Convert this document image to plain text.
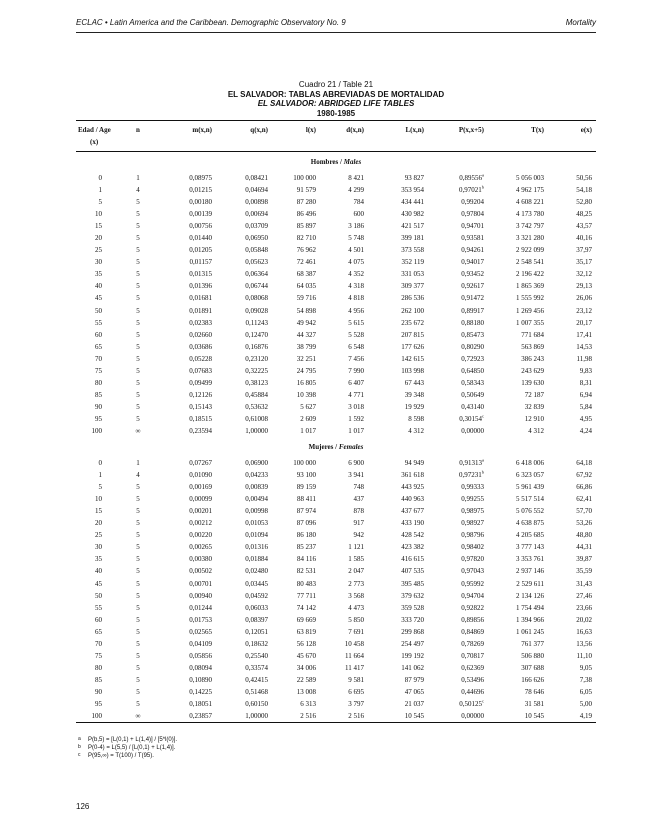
ECLAC • Latin America and the Caribbean. Demographic Observatory No. 9	Mortality
Cuadro 21 / Table 21
EL SALVADOR: TABLAS ABREVIADAS DE MORTALIDAD
EL SALVADOR: ABRIDGED LIFE TABLES
1980-1985
Edad / Age	n	m(x,n)	q(x,n)	l(x)	d(x,n)	L(x,n)	P(x,x+5)	T(x)	e(x)
(x)									
Hombres / Males									
0	1	0,08975	0,08421	100 000	8 421	93 827	0,89556$^a$	5 056 003	50,56
1	4	0,01215	0,04694	91 579	4 299	353 954	0,97021$^b$	4 962 175	54,18
5	5	0,00180	0,00898	87 280	784	434 441	0,99204	4 608 221	52,80
10	5	0,00139	0,00694	86 496	600	430 982	0,97804	4 173 780	48,25
15	5	0,00756	0,03709	85 897	3 186	421 517	0,94701	3 742 797	43,57
20	5	0,01440	0,06950	82 710	5 748	399 181	0,93581	3 321 280	40,16
25	5	0,01205	0,05848	76 962	4 501	373 558	0,94261	2 922 099	37,97
30	5	0,01157	0,05623	72 461	4 075	352 119	0,94017	2 548 541	35,17
35	5	0,01315	0,06364	68 387	4 352	331 053	0,93452	2 196 422	32,12
40	5	0,01396	0,06744	64 035	4 318	309 377	0,92617	1 865 369	29,13
45	5	0,01681	0,08068	59 716	4 818	286 536	0,91472	1 555 992	26,06
50	5	0,01891	0,09028	54 898	4 956	262 100	0,89917	1 269 456	23,12
55	5	0,02383	0,11243	49 942	5 615	235 672	0,88180	1 007 355	20,17
60	5	0,02660	0,12470	44 327	5 528	207 815	0,85473	771 684	17,41
65	5	0,03686	0,16876	38 799	6 548	177 626	0,80290	563 869	14,53
70	5	0,05228	0,23120	32 251	7 456	142 615	0,72923	386 243	11,98
75	5	0,07683	0,32225	24 795	7 990	103 998	0,64850	243 629	9,83
80	5	0,09499	0,38123	16 805	6 407	67 443	0,58343	139 630	8,31
85	5	0,12126	0,45884	10 398	4 771	39 348	0,50649	72 187	6,94
90	5	0,15143	0,53632	5 627	3 018	19 929	0,43140	32 839	5,84
95	5	0,18515	0,61008	2 609	1 592	8 598	0,30154$^c$	12 910	4,95
100	∞	0,23594	1,00000	1 017	1 017	4 312	0,00000	4 312	4,24
Mujeres / Females									
0	1	0,07267	0,06900	100 000	6 900	94 949	0,91313$^a$	6 418 006	64,18
1	4	0,01090	0,04233	93 100	3 941	361 618	0,97231$^b$	6 323 057	67,92
5	5	0,00169	0,00839	89 159	748	443 925	0,99333	5 961 439	66,86
10	5	0,00099	0,00494	88 411	437	440 963	0,99255	5 517 514	62,41
15	5	0,00201	0,00998	87 974	878	437 677	0,98975	5 076 552	57,70
20	5	0,00212	0,01053	87 096	917	433 190	0,98927	4 638 875	53,26
25	5	0,00220	0,01094	86 180	942	428 542	0,98796	4 205 685	48,80
30	5	0,00265	0,01316	85 237	1 121	423 382	0,98402	3 777 143	44,31
35	5	0,00380	0,01884	84 116	1 585	416 615	0,97820	3 353 761	39,87
40	5	0,00502	0,02480	82 531	2 047	407 535	0,97043	2 937 146	35,59
45	5	0,00701	0,03445	80 483	2 773	395 485	0,95992	2 529 611	31,43
50	5	0,00940	0,04592	77 711	3 568	379 632	0,94704	2 134 126	27,46
55	5	0,01244	0,06033	74 142	4 473	359 528	0,92822	1 754 494	23,66
60	5	0,01753	0,08397	69 669	5 850	333 720	0,89856	1 394 966	20,02
65	5	0,02565	0,12051	63 819	7 691	299 868	0,84869	1 061 245	16,63
70	5	0,04109	0,18632	56 128	10 458	254 497	0,78269	761 377	13,56
75	5	0,05856	0,25540	45 670	11 664	199 192	0,70817	506 880	11,10
80	5	0,08094	0,33574	34 006	11 417	141 062	0,62369	307 688	9,05
85	5	0,10890	0,42415	22 589	9 581	87 979	0,53496	166 626	7,38
90	5	0,14225	0,51468	13 008	6 695	47 065	0,44696	78 646	6,05
95	5	0,18051	0,60150	6 313	3 797	21 037	0,50125$^c$	31 581	5,00
100	∞	0,23857	1,00000	2 516	2 516	10 545	0,00000	10 545	4,19
a P(b,5) = [L(0,1) + L(1,4)] / [5*l(0)].
b P(0-4) = L(5,5) / [L(0,1) + L(1,4)].
c P(95,∞) = T(100) / T(95).
126
